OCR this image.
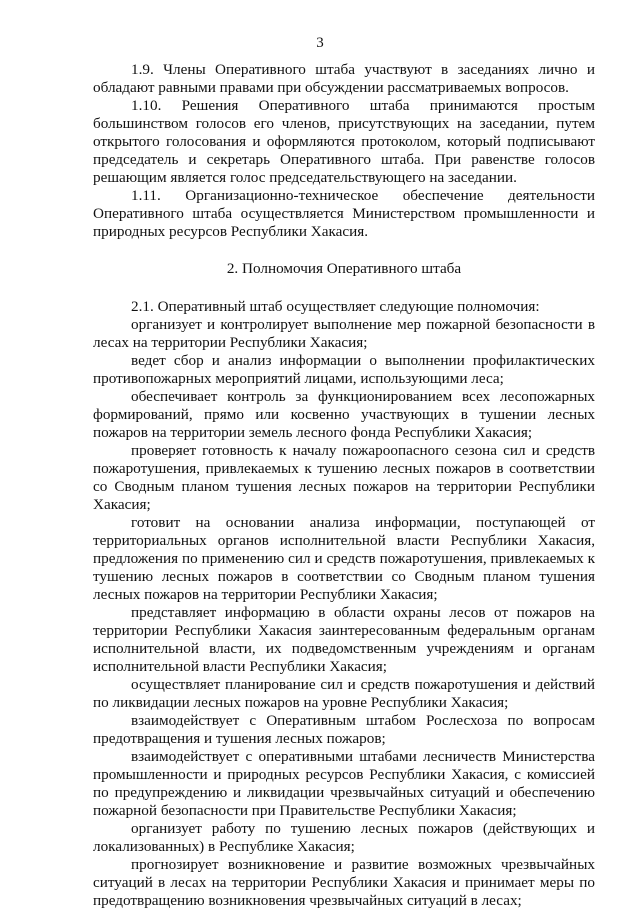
3

1.9. Члены Оперативного штаба участвуют в заседаниях лично и обладают равными правами при обсуждении рассматриваемых вопросов.

1.10. Решения Оперативного штаба принимаются простым большинством голосов его членов, присутствующих на заседании, путем открытого голосования и оформляются протоколом, который подписывают председатель и секретарь Оперативного штаба. При равенстве голосов решающим является голос председательствующего на заседании.

1.11. Организационно-техническое обеспечение деятельности Оперативного штаба осуществляется Министерством промышленности и природных ресурсов Республики Хакасия.

2. Полномочия Оперативного штаба

2.1. Оперативный штаб осуществляет следующие полномочия:

организует и контролирует выполнение мер пожарной безопасности в лесах на территории Республики Хакасия;

ведет сбор и анализ информации о выполнении профилактических противопожарных мероприятий лицами, использующими леса;

обеспечивает контроль за функционированием всех лесопожарных формирований, прямо или косвенно участвующих в тушении лесных пожаров на территории земель лесного фонда Республики Хакасия;

проверяет готовность к началу пожароопасного сезона сил и средств пожаротушения, привлекаемых к тушению лесных пожаров в соответствии со Сводным планом тушения лесных пожаров на территории Республики Хакасия;

готовит на основании анализа информации, поступающей от территориальных органов исполнительной власти Республики Хакасия, предложения по применению сил и средств пожаротушения, привлекаемых к тушению лесных пожаров в соответствии со Сводным планом тушения лесных пожаров на территории Республики Хакасия;

представляет информацию в области охраны лесов от пожаров на территории Республики Хакасия заинтересованным федеральным органам исполнительной власти, их подведомственным учреждениям и органам исполнительной власти Республики Хакасия;

осуществляет планирование сил и средств пожаротушения и действий по ликвидации лесных пожаров на уровне Республики Хакасия;

взаимодействует с Оперативным штабом Рослесхоза по вопросам предотвращения и тушения лесных пожаров;

взаимодействует с оперативными штабами лесничеств Министерства промышленности и природных ресурсов Республики Хакасия, с комиссией по предупреждению и ликвидации чрезвычайных ситуаций и обеспечению пожарной безопасности при Правительстве Республики Хакасия;

организует работу по тушению лесных пожаров (действующих и локализованных) в Республике Хакасия;

прогнозирует возникновение и развитие возможных чрезвычайных ситуаций в лесах на территории Республики Хакасия и принимает меры по предотвращению возникновения чрезвычайных ситуаций в лесах;
